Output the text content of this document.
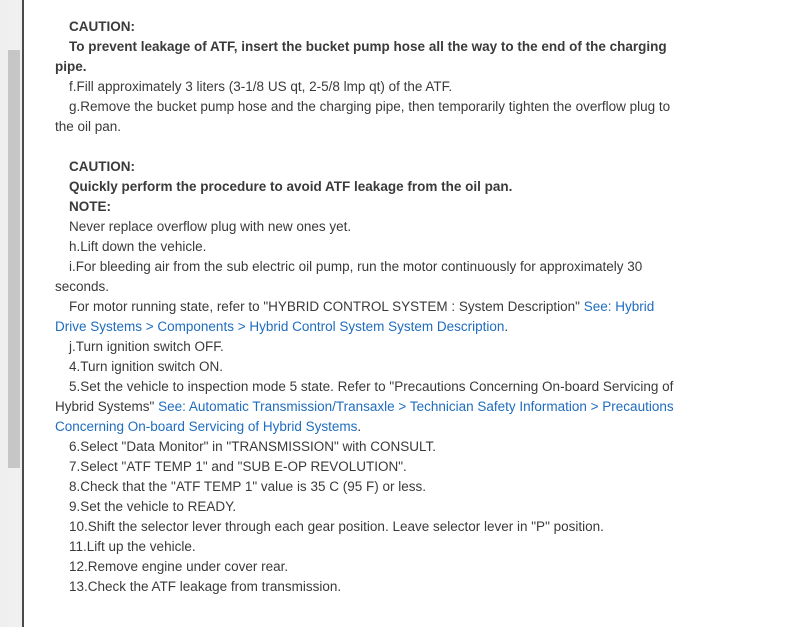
CAUTION:

To prevent leakage of ATF, insert the bucket pump hose all the way to the end of the charging pipe.

f.Fill approximately 3 liters (3-1/8 US qt, 2-5/8 lmp qt) of the ATF.

g.Remove the bucket pump hose and the charging pipe, then temporarily tighten the overflow plug to the oil pan.

CAUTION:

Quickly perform the procedure to avoid ATF leakage from the oil pan.

NOTE:

Never replace overflow plug with new ones yet.

h.Lift down the vehicle.

i.For bleeding air from the sub electric oil pump, run the motor continuously for approximately 30 seconds.

For motor running state, refer to "HYBRID CONTROL SYSTEM : System Description" See: Hybrid Drive Systems > Components > Hybrid Control System System Description.

j.Turn ignition switch OFF.

4.Turn ignition switch ON.

5.Set the vehicle to inspection mode 5 state. Refer to "Precautions Concerning On-board Servicing of Hybrid Systems" See: Automatic Transmission/Transaxle > Technician Safety Information > Precautions Concerning On-board Servicing of Hybrid Systems.

6.Select "Data Monitor" in "TRANSMISSION" with CONSULT.

7.Select "ATF TEMP 1" and "SUB E-OP REVOLUTION".

8.Check that the "ATF TEMP 1" value is 35 C (95 F) or less.

9.Set the vehicle to READY.

10.Shift the selector lever through each gear position. Leave selector lever in "P" position.

11.Lift up the vehicle.

12.Remove engine under cover rear.

13.Check the ATF leakage from transmission.
